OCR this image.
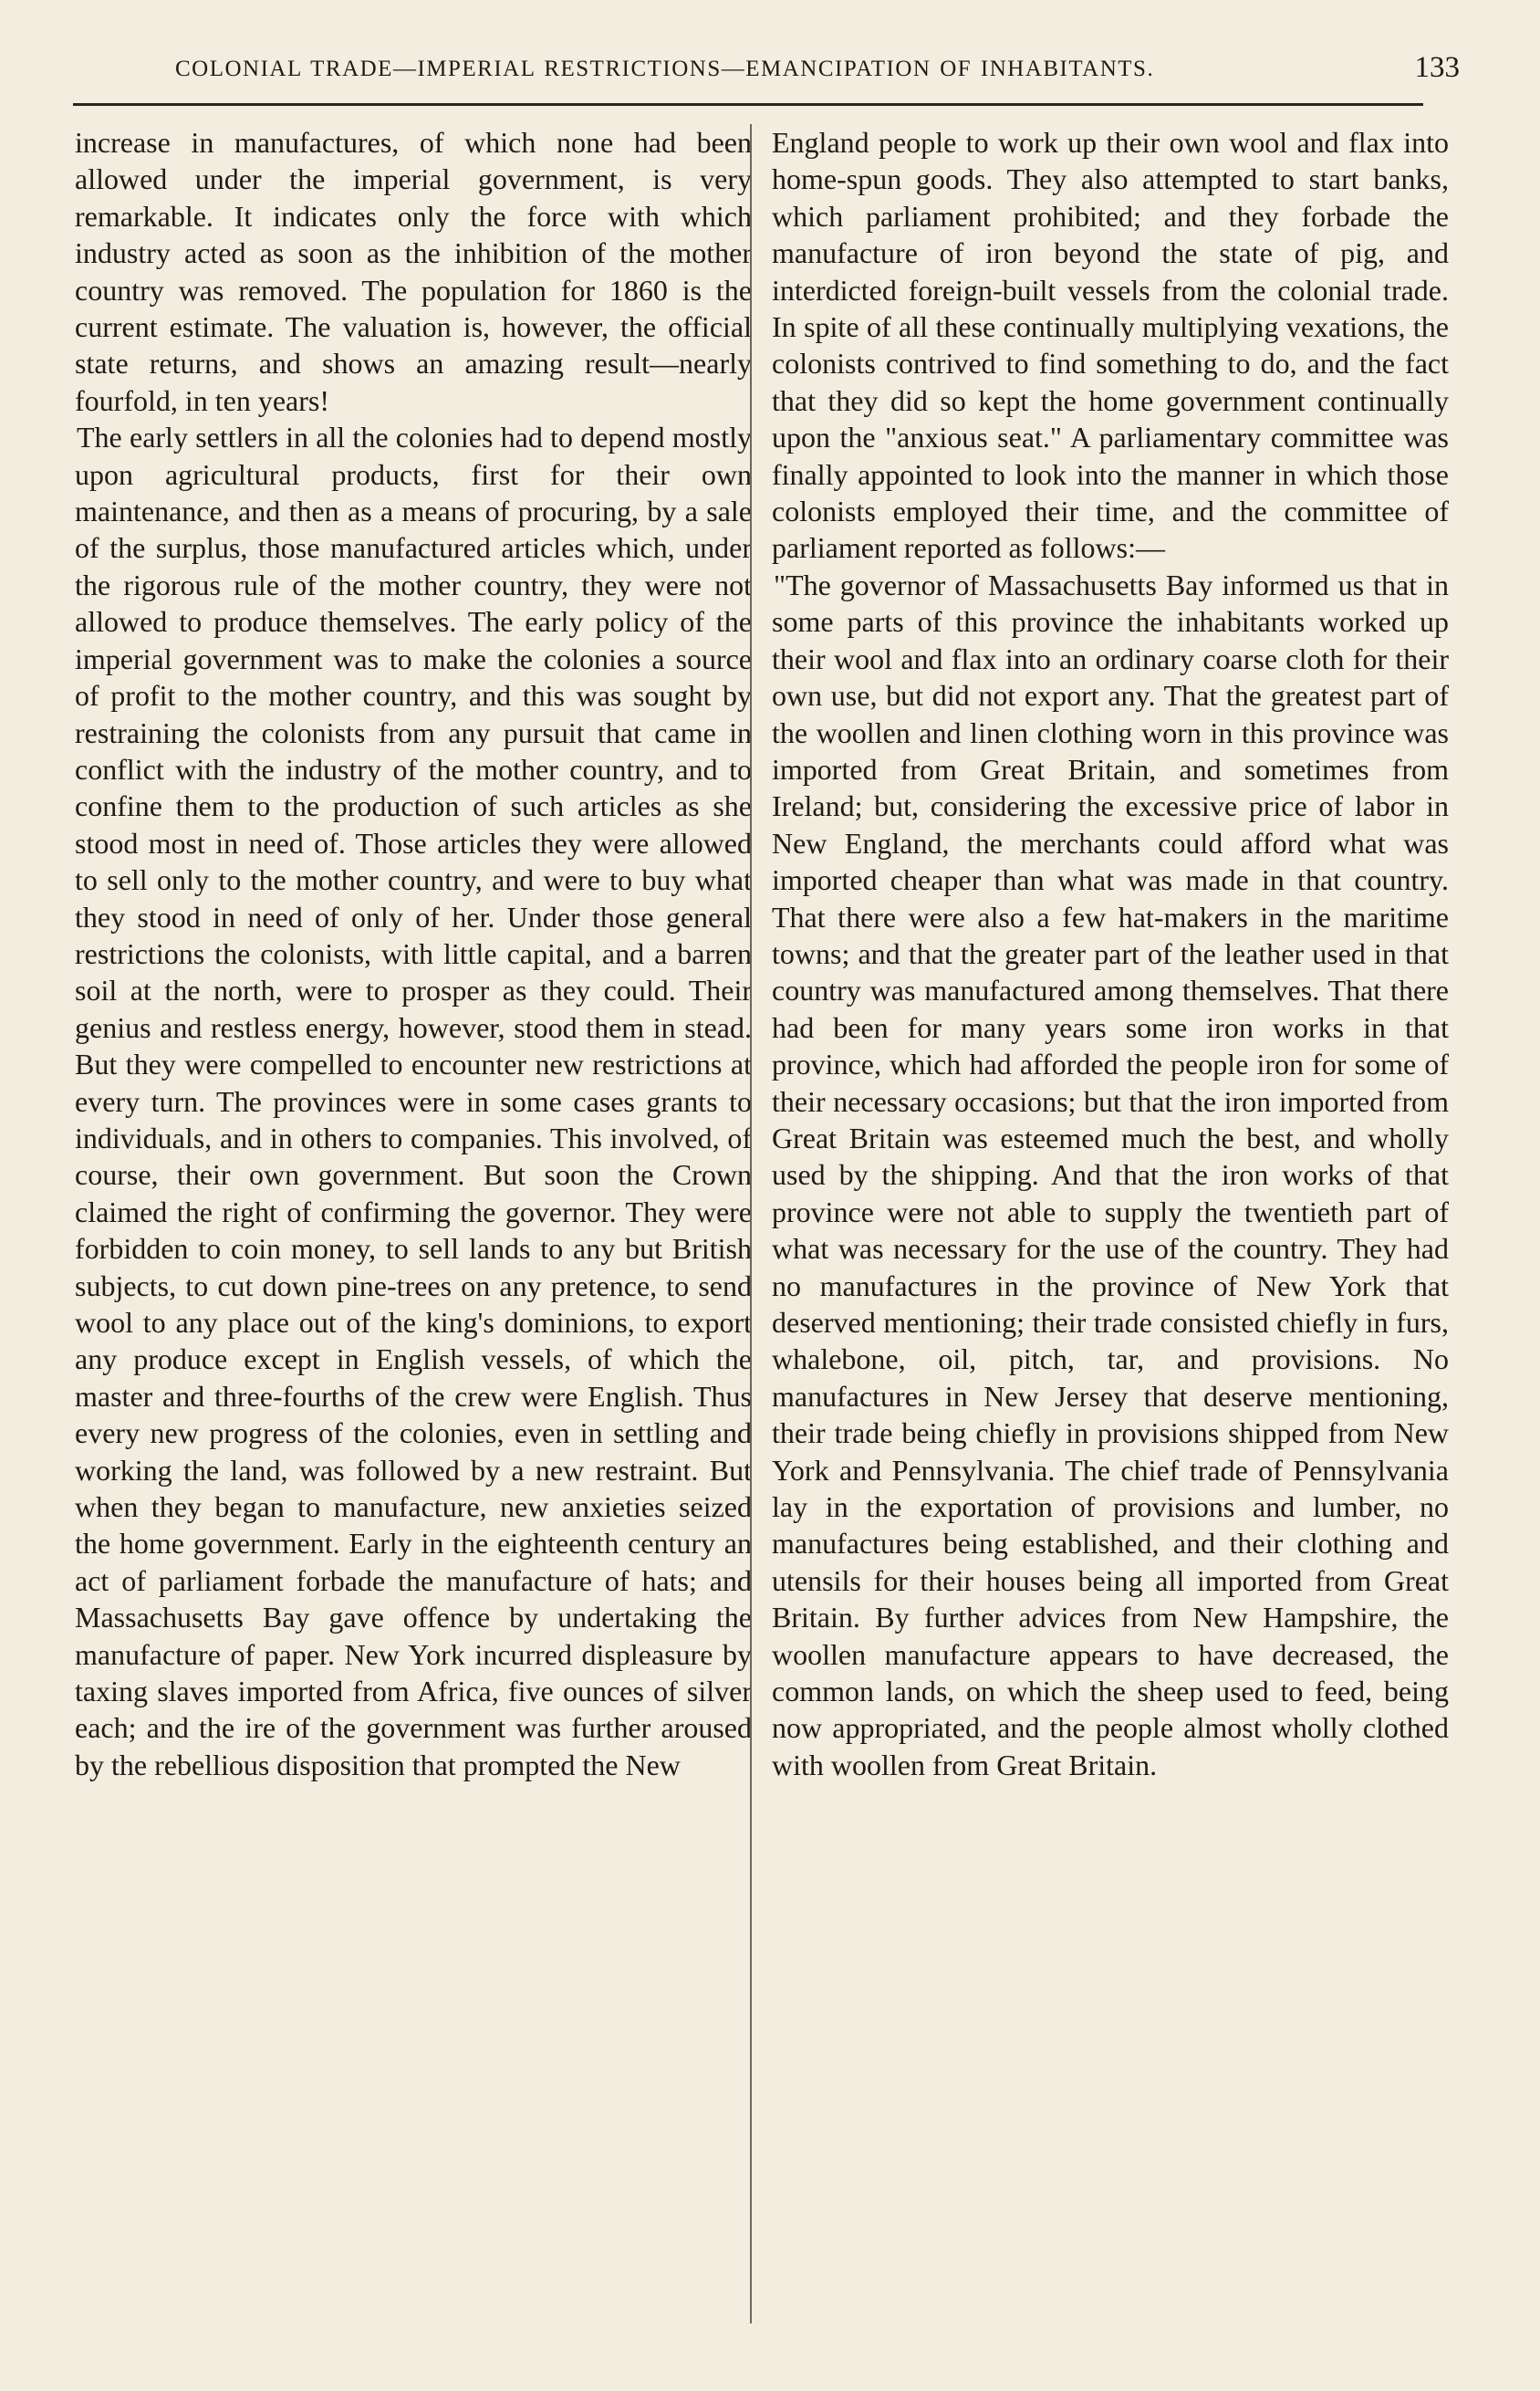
COLONIAL TRADE—IMPERIAL RESTRICTIONS—EMANCIPATION OF INHABITANTS.	133

increase in manufactures, of which none had been allowed under the imperial government, is very remarkable. It indicates only the force with which industry acted as soon as the inhibition of the mother country was removed. The population for 1860 is the current estimate. The valuation is, however, the official state returns, and shows an amazing result—nearly fourfold, in ten years!

The early settlers in all the colonies had to depend mostly upon agricultural products, first for their own maintenance, and then as a means of procuring, by a sale of the surplus, those manufactured articles which, under the rigorous rule of the mother country, they were not allowed to produce themselves. The early policy of the imperial government was to make the colonies a source of profit to the mother country, and this was sought by restraining the colonists from any pursuit that came in conflict with the industry of the mother country, and to confine them to the production of such articles as she stood most in need of. Those articles they were allowed to sell only to the mother country, and were to buy what they stood in need of only of her. Under those general restrictions the colonists, with little capital, and a barren soil at the north, were to prosper as they could. Their genius and restless energy, however, stood them in stead. But they were compelled to encounter new restrictions at every turn. The provinces were in some cases grants to individuals, and in others to companies. This involved, of course, their own government. But soon the Crown claimed the right of confirming the governor. They were forbidden to coin money, to sell lands to any but British subjects, to cut down pine-trees on any pretence, to send wool to any place out of the king's dominions, to export any produce except in English vessels, of which the master and three-fourths of the crew were English. Thus every new progress of the colonies, even in settling and working the land, was followed by a new restraint. But when they began to manufacture, new anxieties seized the home government. Early in the eighteenth century an act of parliament forbade the manufacture of hats; and Massachusetts Bay gave offence by undertaking the manufacture of paper. New York incurred displeasure by taxing slaves imported from Africa, five ounces of silver each; and the ire of the government was further aroused by the rebellious disposition that prompted the New

England people to work up their own wool and flax into home-spun goods. They also attempted to start banks, which parliament prohibited; and they forbade the manufacture of iron beyond the state of pig, and interdicted foreign-built vessels from the colonial trade. In spite of all these continually multiplying vexations, the colonists contrived to find something to do, and the fact that they did so kept the home government continually upon the "anxious seat." A parliamentary committee was finally appointed to look into the manner in which those colonists employed their time, and the committee of parliament reported as follows:—

"The governor of Massachusetts Bay informed us that in some parts of this province the inhabitants worked up their wool and flax into an ordinary coarse cloth for their own use, but did not export any. That the greatest part of the woollen and linen clothing worn in this province was imported from Great Britain, and sometimes from Ireland; but, considering the excessive price of labor in New England, the merchants could afford what was imported cheaper than what was made in that country. That there were also a few hat-makers in the maritime towns; and that the greater part of the leather used in that country was manufactured among themselves. That there had been for many years some iron works in that province, which had afforded the people iron for some of their necessary occasions; but that the iron imported from Great Britain was esteemed much the best, and wholly used by the shipping. And that the iron works of that province were not able to supply the twentieth part of what was necessary for the use of the country. They had no manufactures in the province of New York that deserved mentioning; their trade consisted chiefly in furs, whalebone, oil, pitch, tar, and provisions. No manufactures in New Jersey that deserve mentioning, their trade being chiefly in provisions shipped from New York and Pennsylvania. The chief trade of Pennsylvania lay in the exportation of provisions and lumber, no manufactures being established, and their clothing and utensils for their houses being all imported from Great Britain. By further advices from New Hampshire, the woollen manufacture appears to have decreased, the common lands, on which the sheep used to feed, being now appropriated, and the people almost wholly clothed with woollen from Great Britain.
